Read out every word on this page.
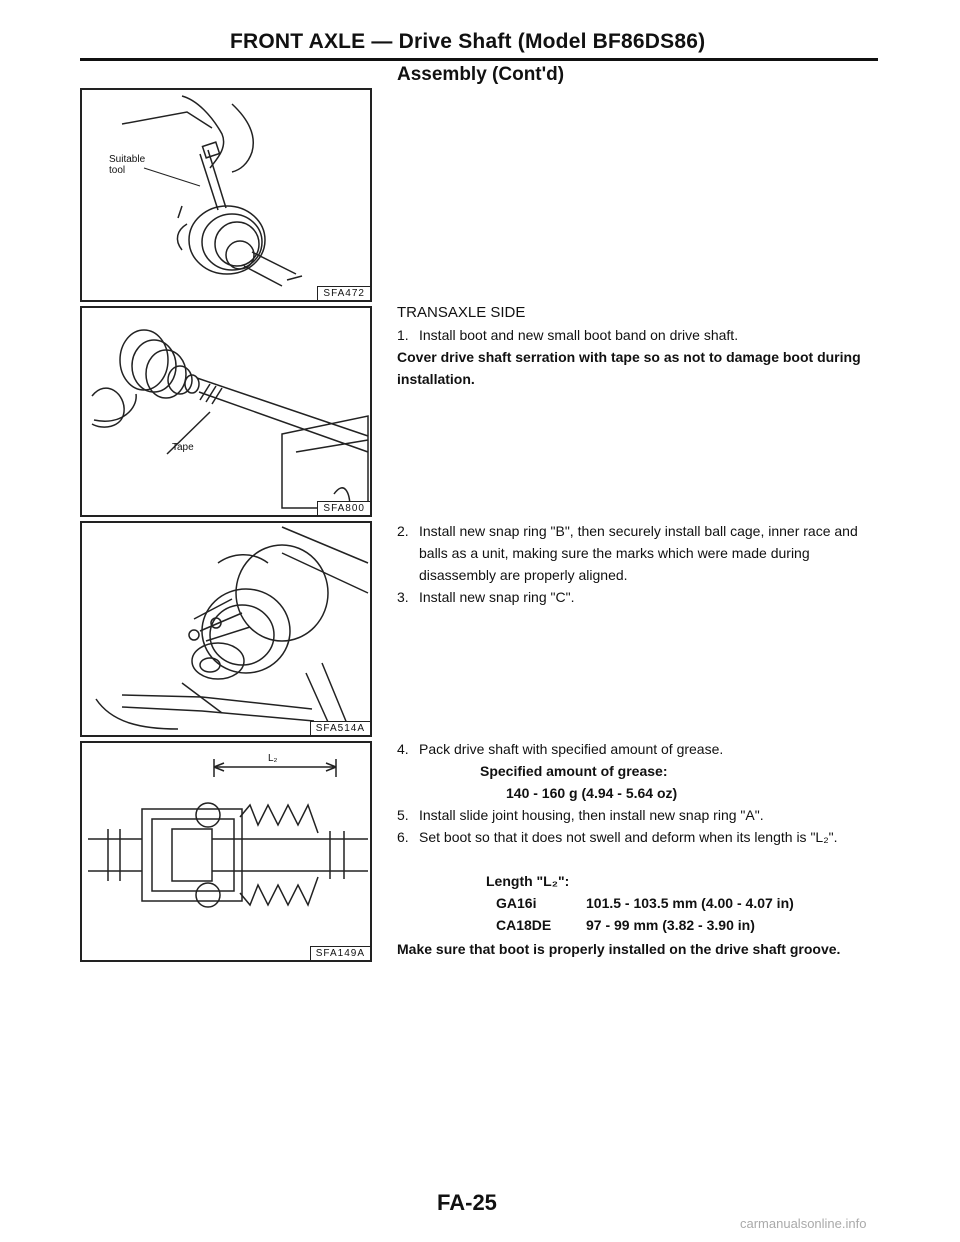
FRONT AXLE — Drive Shaft (Model BF86DS86)
Assembly (Cont'd)
Suitable
tool
SFA472
Tape
SFA800
SFA514A
L₂
SFA149A
TRANSAXLE SIDE
1. Install boot and new small boot band on drive shaft.
Cover drive shaft serration with tape so as not to damage boot during installation.
2. Install new snap ring "B", then securely install ball cage, inner race and balls as a unit, making sure the marks which were made during disassembly are properly aligned.
3. Install new snap ring "C".
4. Pack drive shaft with specified amount of grease.
Specified amount of grease:
140 - 160 g (4.94 - 5.64 oz)
5. Install slide joint housing, then install new snap ring "A".
6. Set boot so that it does not swell and deform when its length is "L₂".
Length "L₂":
GA16i	101.5 - 103.5 mm (4.00 - 4.07 in)
CA18DE 97 - 99 mm (3.82 - 3.90 in)
Make sure that boot is properly installed on the drive shaft groove.
FA-25
carmanualsonline.info
